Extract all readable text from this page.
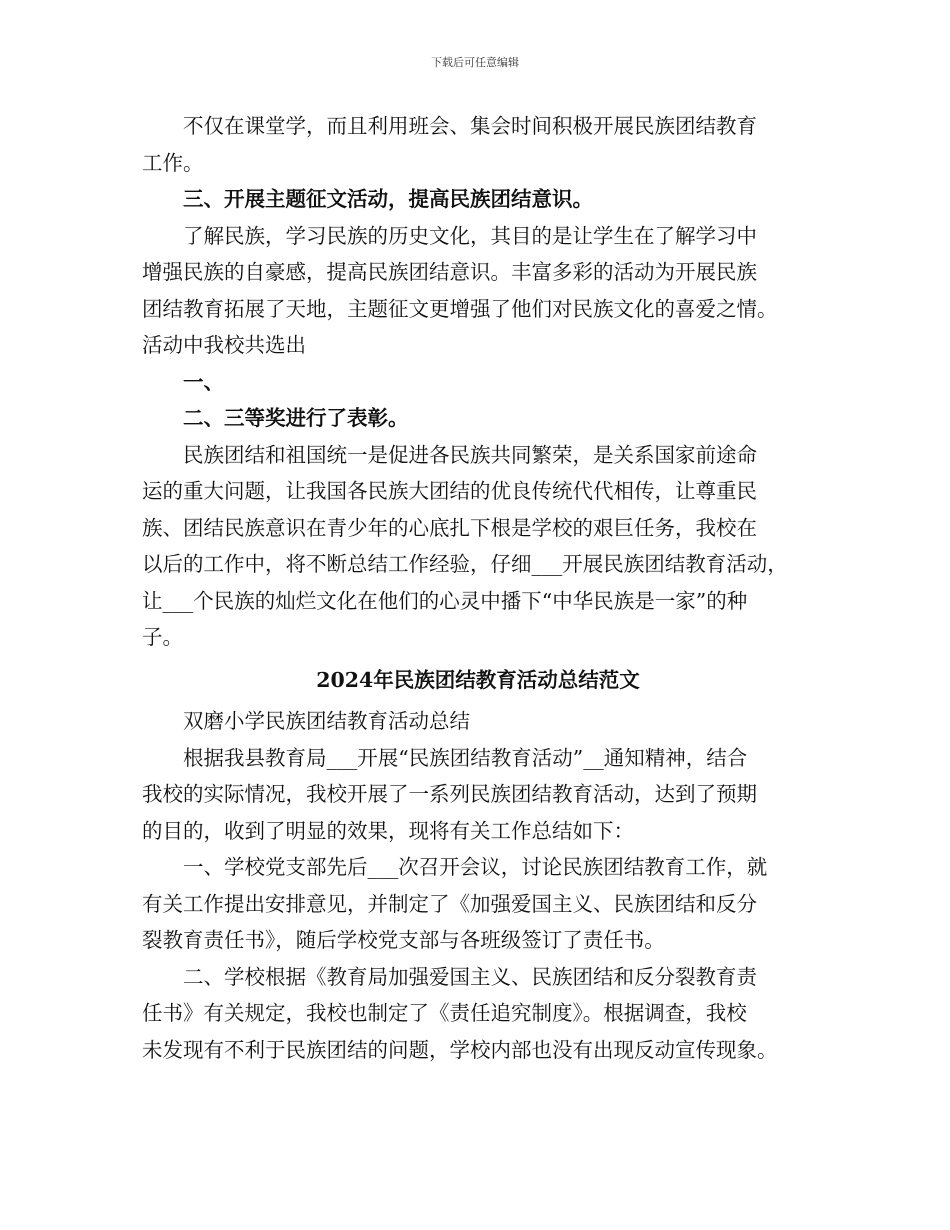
下载后可任意编辑

不仅在课堂学，而且利用班会、集会时间积极开展民族团结教育
工作。

三、开展主题征文活动，提高民族团结意识。

了解民族，学习民族的历史文化，其目的是让学生在了解学习中
增强民族的自豪感，提高民族团结意识。丰富多彩的活动为开展民族
团结教育拓展了天地，主题征文更增强了他们对民族文化的喜爱之情。
活动中我校共选出

一、

二、三等奖进行了表彰。

民族团结和祖国统一是促进各民族共同繁荣，是关系国家前途命
运的重大问题，让我国各民族大团结的优良传统代代相传，让尊重民
族、团结民族意识在青少年的心底扎下根是学校的艰巨任务，我校在
以后的工作中，将不断总结工作经验，仔细___开展民族团结教育活动，
让___个民族的灿烂文化在他们的心灵中播下“中华民族是一家”的种
子。

2024年民族团结教育活动总结范文

双磨小学民族团结教育活动总结

根据我县教育局___开展“民族团结教育活动”__通知精神，结合
我校的实际情况，我校开展了一系列民族团结教育活动，达到了预期
的目的，收到了明显的效果，现将有关工作总结如下：

一、学校党支部先后___次召开会议，讨论民族团结教育工作，就
有关工作提出安排意见，并制定了《加强爱国主义、民族团结和反分
裂教育责任书》，随后学校党支部与各班级签订了责任书。

二、学校根据《教育局加强爱国主义、民族团结和反分裂教育责
任书》有关规定，我校也制定了《责任追究制度》。根据调查，我校
未发现有不利于民族团结的问题，学校内部也没有出现反动宣传现象。
